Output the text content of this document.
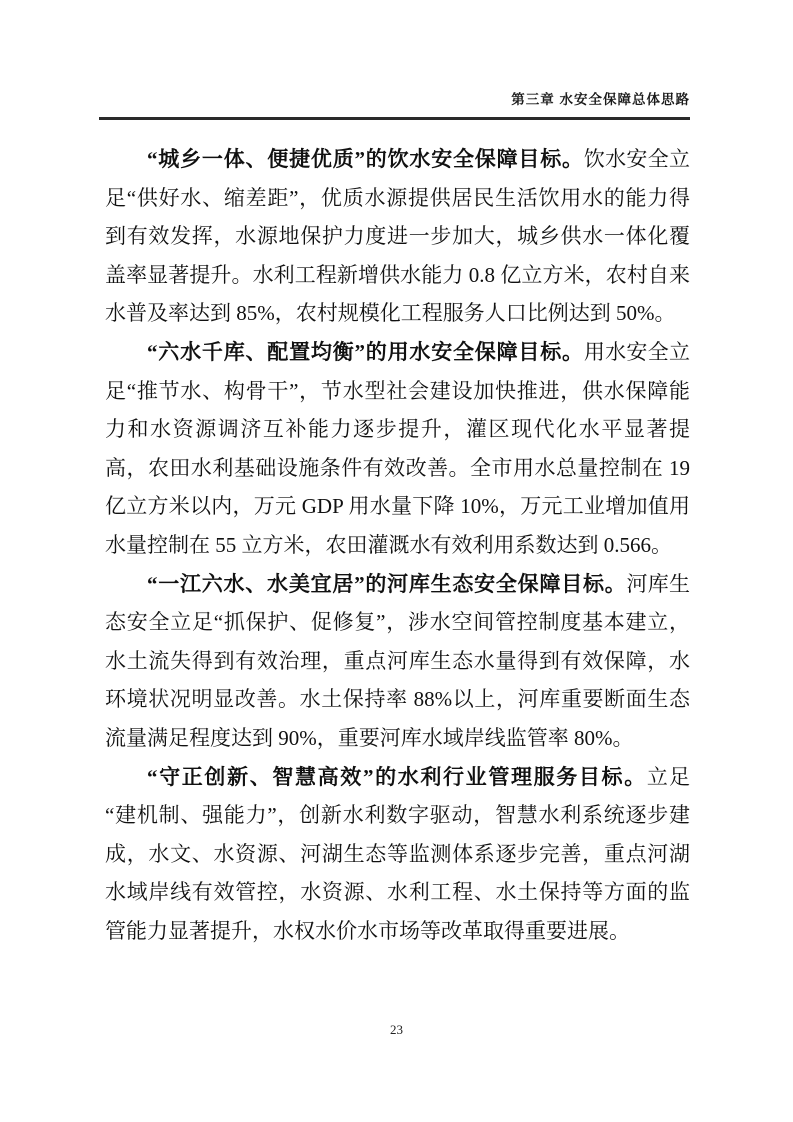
第三章 水安全保障总体思路

“城乡一体、便捷优质”的饮水安全保障目标。饮水安全立足“供好水、缩差距”，优质水源提供居民生活饮用水的能力得到有效发挥，水源地保护力度进一步加大，城乡供水一体化覆盖率显著提升。水利工程新增供水能力 0.8 亿立方米，农村自来水普及率达到 85%，农村规模化工程服务人口比例达到 50%。

“六水千库、配置均衡”的用水安全保障目标。用水安全立足“推节水、构骨干”，节水型社会建设加快推进，供水保障能力和水资源调济互补能力逐步提升，灌区现代化水平显著提高，农田水利基础设施条件有效改善。全市用水总量控制在 19 亿立方米以内，万元 GDP 用水量下降 10%，万元工业增加值用水量控制在 55 立方米，农田灌溉水有效利用系数达到 0.566。

“一江六水、水美宜居”的河库生态安全保障目标。河库生态安全立足“抓保护、促修复”，涉水空间管控制度基本建立，水土流失得到有效治理，重点河库生态水量得到有效保障，水环境状况明显改善。水土保持率 88%以上，河库重要断面生态流量满足程度达到 90%，重要河库水域岸线监管率 80%。

“守正创新、智慧高效”的水利行业管理服务目标。立足“建机制、强能力”，创新水利数字驱动，智慧水利系统逐步建成，水文、水资源、河湖生态等监测体系逐步完善，重点河湖水域岸线有效管控，水资源、水利工程、水土保持等方面的监管能力显著提升，水权水价水市场等改革取得重要进展。

23
